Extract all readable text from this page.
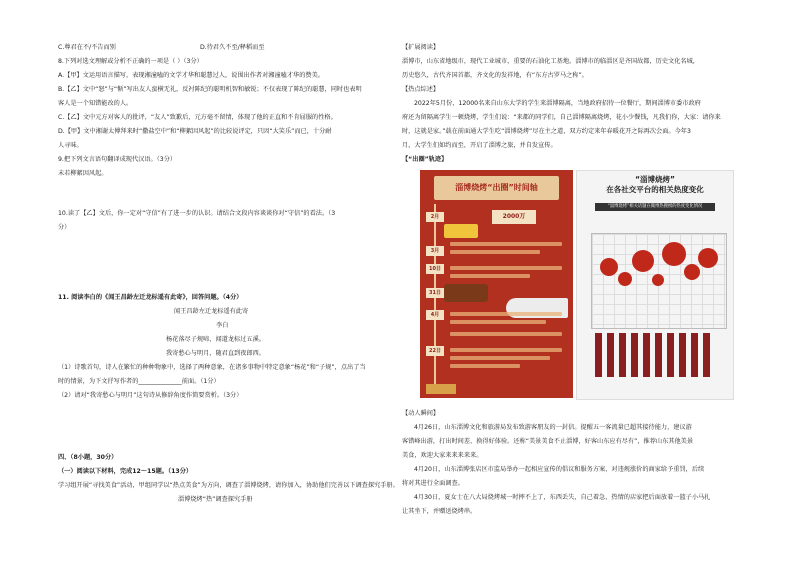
C.尊君在不/不告而别	D.待君久不至/释稻而至
8.下列对选文理解或分析不正确的一项是（ ）（3分）
A.【甲】文运用语言描写，表现湘潼嗑的文学才华和聪慧过人，说围出作者对湘潼嗑才华的赞美。
B.【乙】文中“怒”与“惭”写出友人蛮横无礼，反衬陈纪的聪明机智和敏锐；不仅表现了陈纪的聪慧，同时也表明
客人是一个知错能改的人。
C.【乙】文中元方对客人的批评，“友人”致歉后，元方毫不留情，体现了他的正直和不肯屈服的性格。
D.【甲】文中湘谢太傅拜来时“撒盐空中”和“柳絮因风起”的比较说评定，只因“大笑乐”而已，十分耐
人寻味。
9.把下列文言语句翻译成现代汉语。（3分）
未若柳絮因风起。
10.读了【乙】文后，你一定对“守信”有了进一步的认识。请结合文段内容谈谈你对“守信”的看法。（3
分）
11. 阅读李白的《闻王昌龄左迁龙标遥有此寄》，回答问题。（4分）
闻王昌龄左迁龙标遥有此寄
李白
杨花落尽子规啼，闻道龙标过五溪。
我寄愁心与明月，随君直到夜郎西。
（1）诗歌首句，诗人在繁忙的种种物象中，选择了两种意象，在诸多事物中特定意象“杨花”和“子规”，点出了当
时的情景，为下文抒写作者的______________前面。（1分）
（2）请对“我寄愁心与明月”这句诗从修辞角度作简要赏析。（3分）
四、（8小题，30分）
（一）阅读以下材料，完成12～15题。（13分）
学习组开展“寻找美食”活动，甲组同学以“热点美食”为方向，调查了淄博烧烤，请你加入，协助他们完善以下调查探究手册。
淄博烧烤“热”调查探究手册
【扩展阅读】
淄博市，山东省地级市，现代工业城市，重要的石油化工基地。淄博市的临淄区是齐国故都，历史文化名城，
历史悠久，古代齐国首都，齐文化的发祥地，有“东方古罗马之称”。
【热点综述】
2022年5月份，12000名来自山东大学的学生来淄博隔离，当地政府招待一位餐厅，期间淄博市委市政府
府还为留隔离学生一顿烧烤，学生们说：“来都的同学们，自己淄博隔离烧烤，花小少餐钱，凡我们你，大家：请你来
时，这就是家。”载在前面通大学生吃“淄博烧烤”尽在主之道，双方约定来年春暖花开之际再次会面。今年3
月，大学生们如约而至，开启了淄博之旅，并自发宣传。
【“出圈”轨迹】
【动人瞬间】
4月26日，山东淄博文化和旅游局发布致游客朋友的一封信。提醒五一客流量已超其接待能力，建议游
客错峰出游，打出时间差、换得好体验。还称“美景美食不止淄博，好客山东应有尽有”，推荐山东其他美景
美食，欢迎大家来来来来来。
4月20日，山东淄博张店区市监局举办一起相应宣传的倡议和服务方案，对违规涨价的商家给予重罚，后续
将对其进行全面调查。
4月30日，夏女士在八大局烧烤城一时摔不上了，东西丢失，自己着急，热情的店家把后面放着一篮子小马扎
让其坐下，并赠送烧烤串。
淄博烧烤“出圈”时间轴
2月
3月
10日
31日
4月
22日
2000万
“淄博烧烤”
在各社交平台的相关热度变化
“淄博烧烤”相关话题在微博热搜榜的热度变化情况
